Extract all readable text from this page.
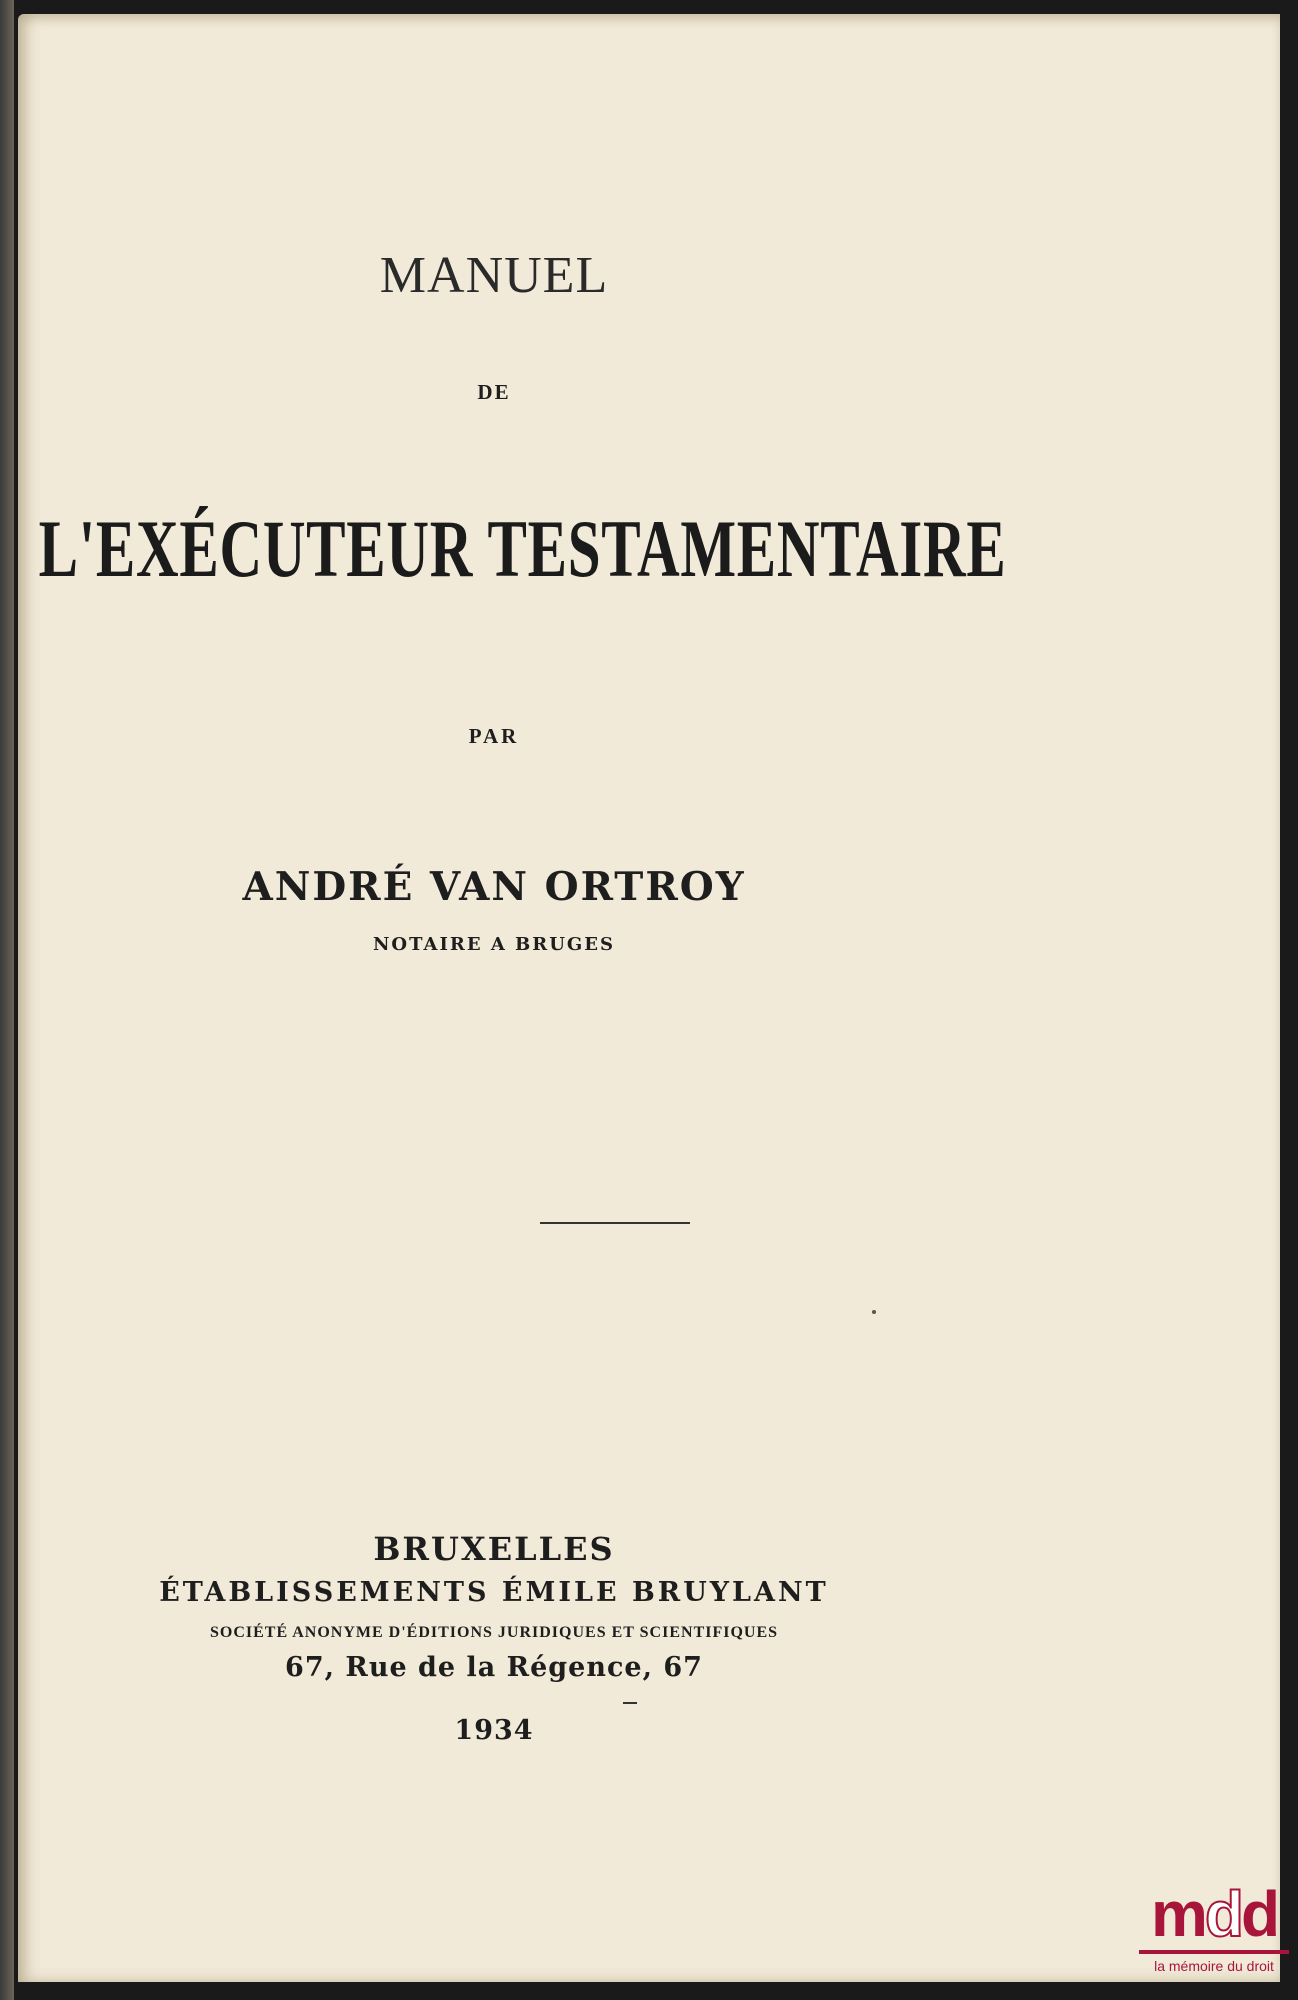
MANUEL
DE
L'EXÉCUTEUR TESTAMENTAIRE
PAR
ANDRÉ VAN ORTROY
NOTAIRE A BRUGES
BRUXELLES
ÉTABLISSEMENTS ÉMILE BRUYLANT
SOCIÉTÉ ANONYME D'ÉDITIONS JURIDIQUES ET SCIENTIFIQUES
67, Rue de la Régence, 67
1934
mdd
la mémoire du droit
